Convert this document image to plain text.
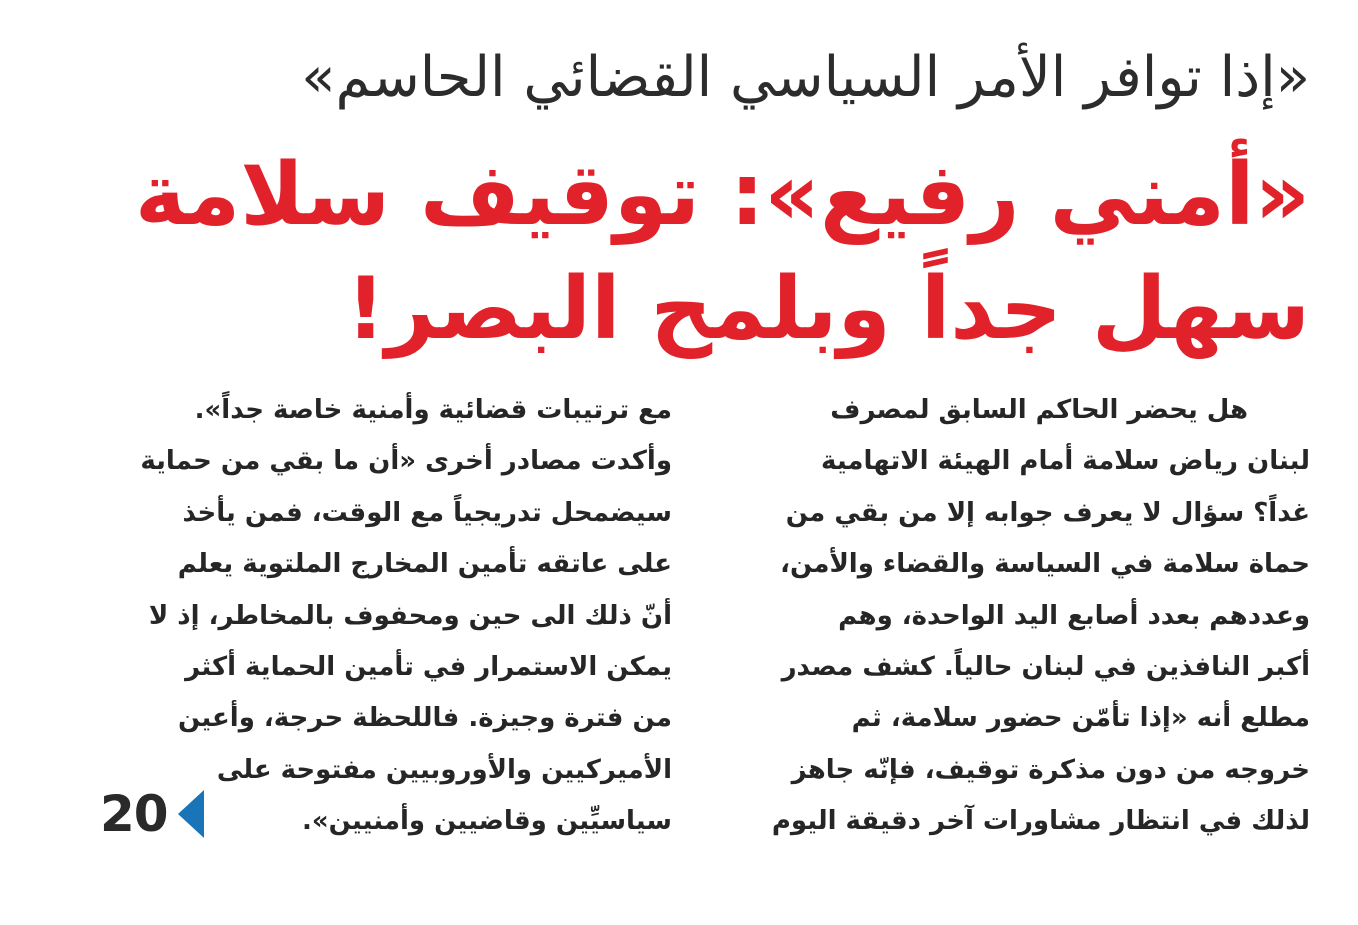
«إذا توافر الأمر السياسي القضائي الحاسم»
«أمني رفيع»: توقيف سلامة
سهل جداً وبلمح البصر!
هل يحضر الحاكم السابق لمصرف
لبنان رياض سلامة أمام الهيئة الاتهامية
غداً؟ سؤال لا يعرف جوابه إلا من بقي من
حماة سلامة في السياسة والقضاء والأمن،
وعددهم بعدد أصابع اليد الواحدة، وهم
أكبر النافذين في لبنان حالياً. كشف مصدر
مطلع أنه «إذا تأمّن حضور سلامة، ثم
خروجه من دون مذكرة توقيف، فإنّه جاهز
لذلك في انتظار مشاورات آخر دقيقة اليوم
مع ترتيبات قضائية وأمنية خاصة جداً».
وأكدت مصادر أخرى «أن ما بقي من حماية
سيضمحل تدريجياً مع الوقت، فمن يأخذ
على عاتقه تأمين المخارج الملتوية يعلم
أنّ ذلك الى حين ومحفوف بالمخاطر، إذ لا
يمكن الاستمرار في تأمين الحماية أكثر
من فترة وجيزة. فاللحظة حرجة، وأعين
الأميركيين والأوروبيين مفتوحة على
سياسيِّين وقاضيين وأمنيين».
20
